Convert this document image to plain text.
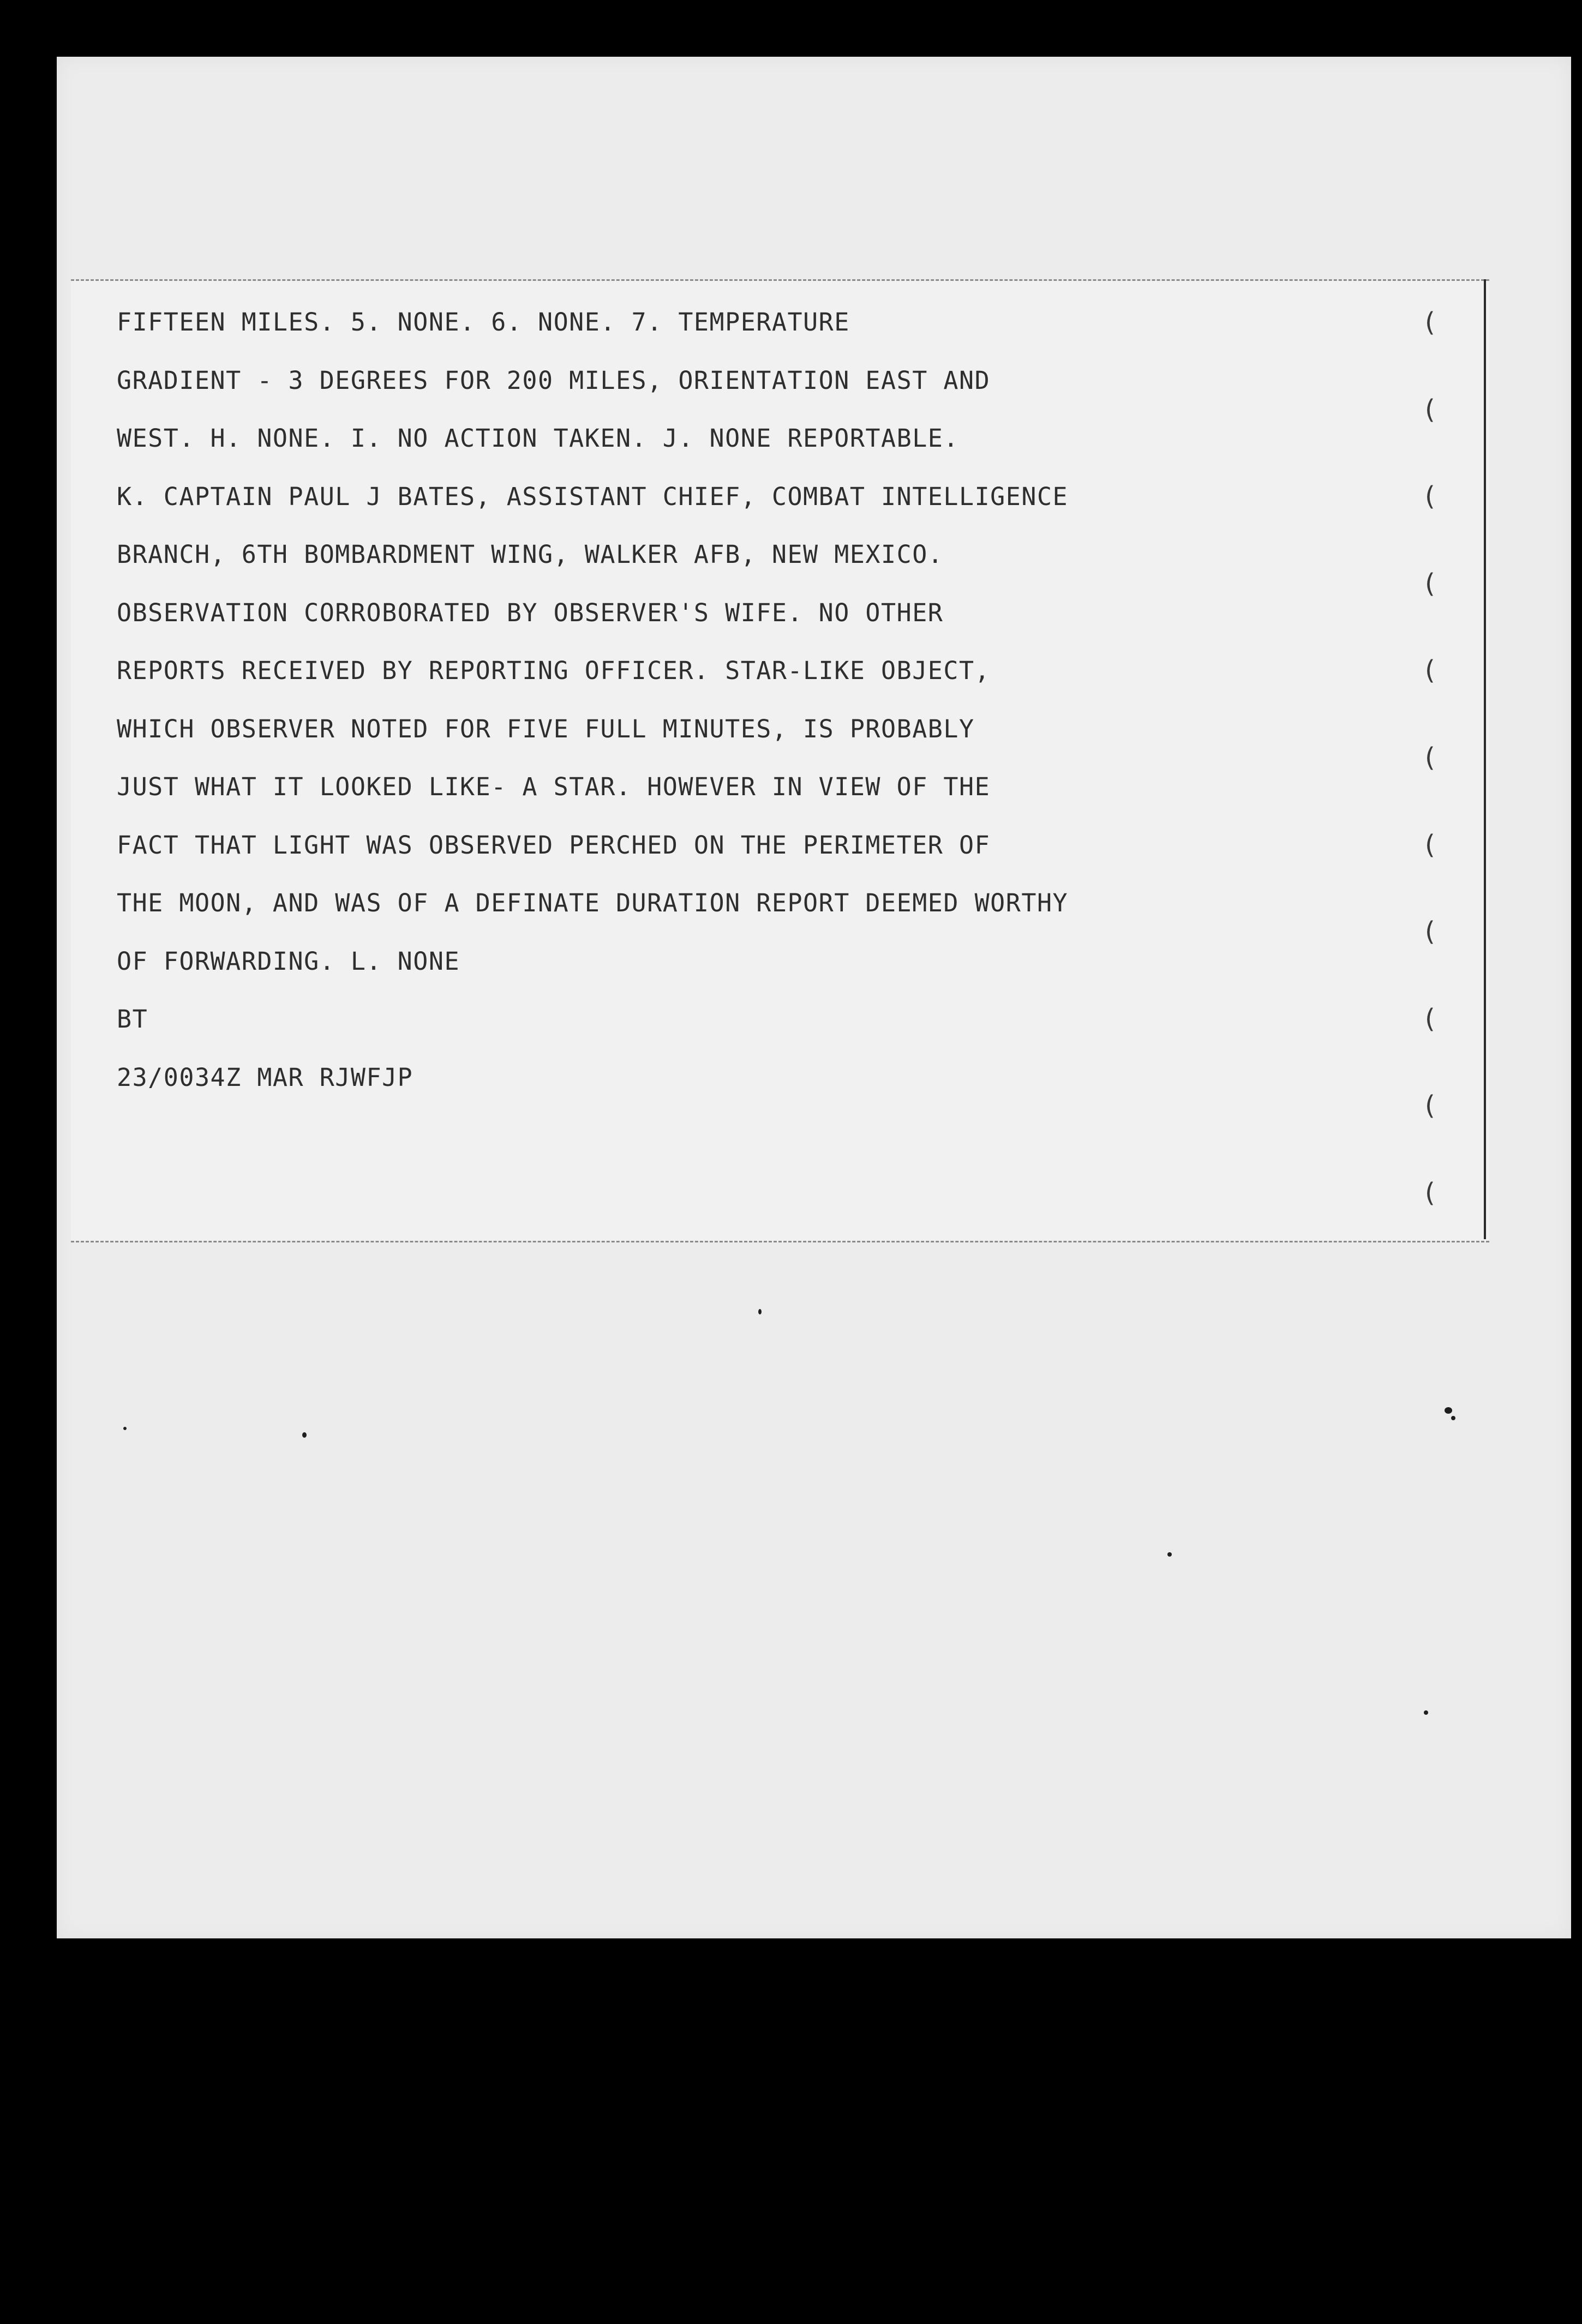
FIFTEEN MILES. 5. NONE. 6. NONE. 7. TEMPERATURE
GRADIENT - 3 DEGREES FOR 200 MILES, ORIENTATION EAST AND
WEST. H. NONE. I. NO ACTION TAKEN. J. NONE REPORTABLE.
K. CAPTAIN PAUL J BATES, ASSISTANT CHIEF, COMBAT INTELLIGENCE
BRANCH, 6TH BOMBARDMENT WING, WALKER AFB, NEW MEXICO.
OBSERVATION CORROBORATED BY OBSERVER'S WIFE. NO OTHER
REPORTS RECEIVED BY REPORTING OFFICER. STAR-LIKE OBJECT,
WHICH OBSERVER NOTED FOR FIVE FULL MINUTES, IS PROBABLY
JUST WHAT IT LOOKED LIKE- A STAR. HOWEVER IN VIEW OF THE
FACT THAT LIGHT WAS OBSERVED PERCHED ON THE PERIMETER OF
THE MOON, AND WAS OF A DEFINATE DURATION REPORT DEEMED WORTHY
OF FORWARDING. L. NONE
BT
23/0034Z MAR RJWFJP
(
(
(
(
(
(
(
(
(
(
(
